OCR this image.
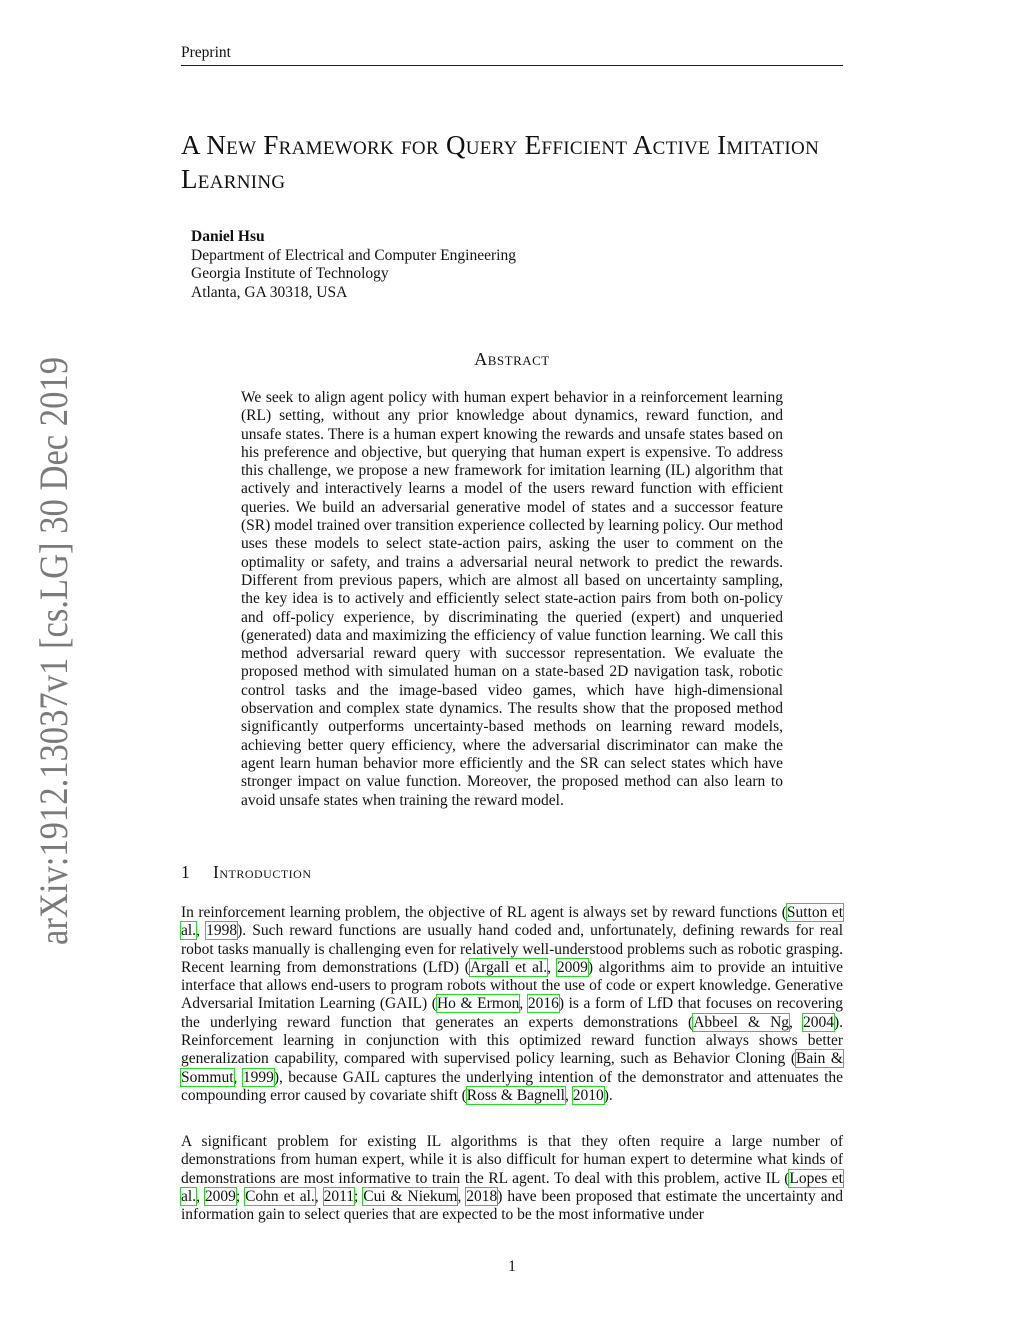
Preprint
arXiv:1912.13037v1 [cs.LG] 30 Dec 2019
A New Framework for Query Efficient Active Imitation Learning
Daniel Hsu
Department of Electrical and Computer Engineering
Georgia Institute of Technology
Atlanta, GA 30318, USA
Abstract

We seek to align agent policy with human expert behavior in a reinforcement learning (RL) setting, without any prior knowledge about dynamics, reward function, and unsafe states. There is a human expert knowing the rewards and unsafe states based on his preference and objective, but querying that human expert is expensive. To address this challenge, we propose a new framework for imitation learning (IL) algorithm that actively and interactively learns a model of the users reward function with efficient queries. We build an adversarial generative model of states and a successor feature (SR) model trained over transition experience collected by learning policy. Our method uses these models to select state-action pairs, asking the user to comment on the optimality or safety, and trains a adversarial neural network to predict the rewards. Different from previous papers, which are almost all based on uncertainty sampling, the key idea is to actively and efficiently select state-action pairs from both on-policy and off-policy experience, by discriminating the queried (expert) and unqueried (generated) data and maximizing the efficiency of value function learning. We call this method adversarial reward query with successor representation. We evaluate the proposed method with simulated human on a state-based 2D navigation task, robotic control tasks and the image-based video games, which have high-dimensional observation and complex state dynamics. The results show that the proposed method significantly outperforms uncertainty-based methods on learning reward models, achieving better query efficiency, where the adversarial discriminator can make the agent learn human behavior more efficiently and the SR can select states which have stronger impact on value function. Moreover, the proposed method can also learn to avoid unsafe states when training the reward model.

1 Introduction

In reinforcement learning problem, the objective of RL agent is always set by reward functions (Sutton et al., 1998). Such reward functions are usually hand coded and, unfortunately, defining rewards for real robot tasks manually is challenging even for relatively well-understood problems such as robotic grasping. Recent learning from demonstrations (LfD) (Argall et al., 2009) algorithms aim to provide an intuitive interface that allows end-users to program robots without the use of code or expert knowledge. Generative Adversarial Imitation Learning (GAIL) (Ho & Ermon, 2016) is a form of LfD that focuses on recovering the underlying reward function that generates an experts demonstrations (Abbeel & Ng, 2004). Reinforcement learning in conjunction with this optimized reward function always shows better generalization capability, compared with supervised policy learning, such as Behavior Cloning (Bain & Sommut, 1999), because GAIL captures the underlying intention of the demonstrator and attenuates the compounding error caused by covariate shift (Ross & Bagnell, 2010).

A significant problem for existing IL algorithms is that they often require a large number of demonstrations from human expert, while it is also difficult for human expert to determine what kinds of demonstrations are most informative to train the RL agent. To deal with this problem, active IL (Lopes et al., 2009; Cohn et al., 2011; Cui & Niekum, 2018) have been proposed that estimate the uncertainty and information gain to select queries that are expected to be the most informative under

1
